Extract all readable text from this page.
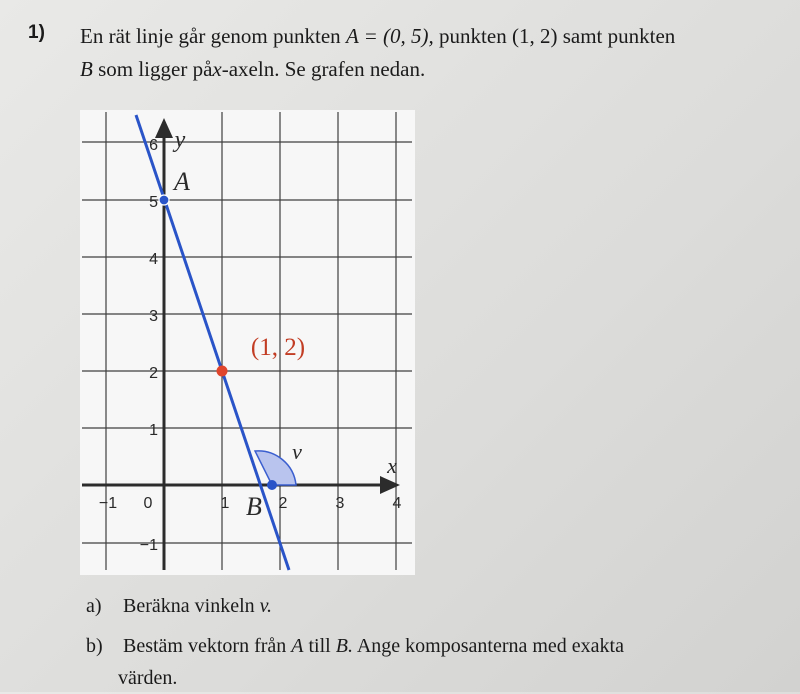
1) En rät linje går genom punkten A = (0, 5), punkten (1, 2) samt punkten
B som ligger påx-axeln. Se grafen nedan.
6
5
4
3
2
1
−1
−1 0	1	2	3	4
x
y
A
B
(1, 2)
v
a) Beräkna vinkeln v.
b) Bestäm vektorn från A till B. Ange komposanterna med exakta
värden.
